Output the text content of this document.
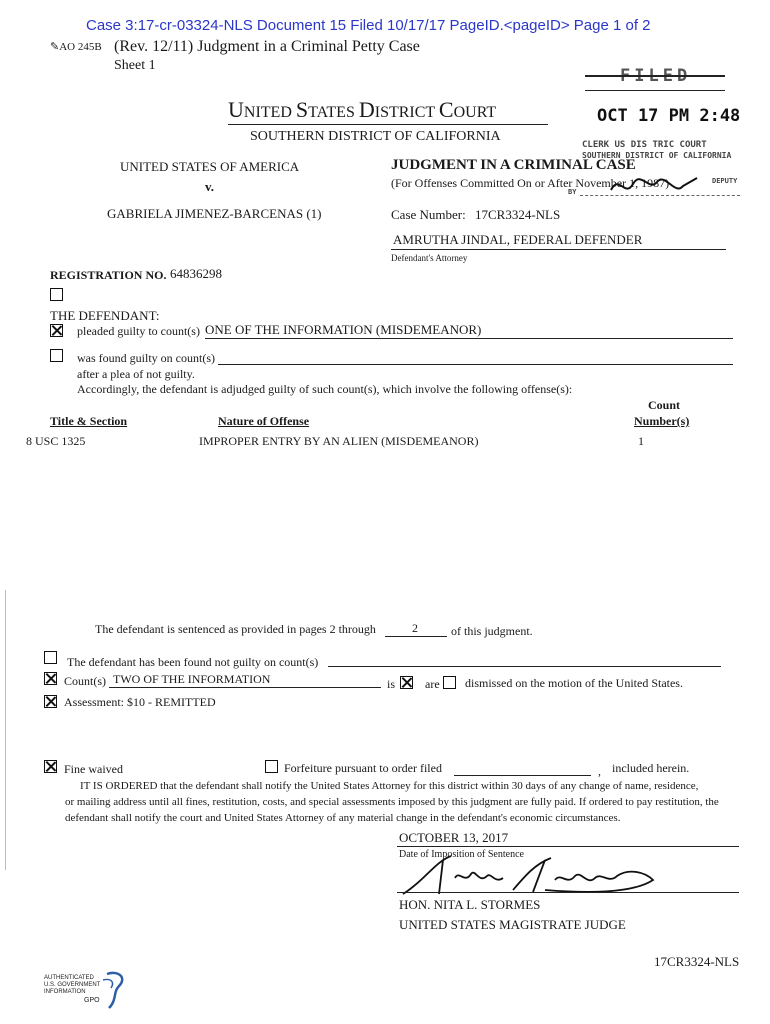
Case 3:17-cr-03324-NLS Document 15 Filed 10/17/17 PageID.<pageID> Page 1 of 2
✎AO 245B (Rev. 12/11) Judgment in a Criminal Petty Case
Sheet 1
UNITED STATES DISTRICT COURT
SOUTHERN DISTRICT OF CALIFORNIA
FILED
OCT 17 PM 2:48
CLERK US DIS TRIC COURT
SOUTHERN DISTRICT OF CALIFORNIA
BY
DEPUTY
UNITED STATES OF AMERICA
v.
GABRIELA JIMENEZ-BARCENAS (1)
JUDGMENT IN A CRIMINAL CASE
(For Offenses Committed On or After November 1, 1987)
Case Number: 17CR3324-NLS
AMRUTHA JINDAL, FEDERAL DEFENDER
Defendant's Attorney
REGISTRATION NO. 64836298
THE DEFENDANT:
pleaded guilty to count(s) ONE OF THE INFORMATION (MISDEMEANOR)
was found guilty on count(s)
after a plea of not guilty.
Accordingly, the defendant is adjudged guilty of such count(s), which involve the following offense(s):
Count
Title & Section	Nature of Offense	Number(s)
8 USC 1325	IMPROPER ENTRY BY AN ALIEN (MISDEMEANOR)	1
The defendant is sentenced as provided in pages 2 through	2	of this judgment.
The defendant has been found not guilty on count(s)
Count(s) TWO OF THE INFORMATION	is are dismissed on the motion of the United States.
Assessment: $10 - REMITTED
Fine waived	Forfeiture pursuant to order filed	, included herein.
IT IS ORDERED that the defendant shall notify the United States Attorney for this district within 30 days of any change of name, residence,
or mailing address until all fines, restitution, costs, and special assessments imposed by this judgment are fully paid. If ordered to pay restitution, the
defendant shall notify the court and United States Attorney of any material change in the defendant's economic circumstances.
OCTOBER 13, 2017
Date of Imposition of Sentence
HON. NITA L. STORMES
UNITED STATES MAGISTRATE JUDGE
17CR3324-NLS
AUTHENTICATED
U.S. GOVERNMENT
INFORMATION
GPO
